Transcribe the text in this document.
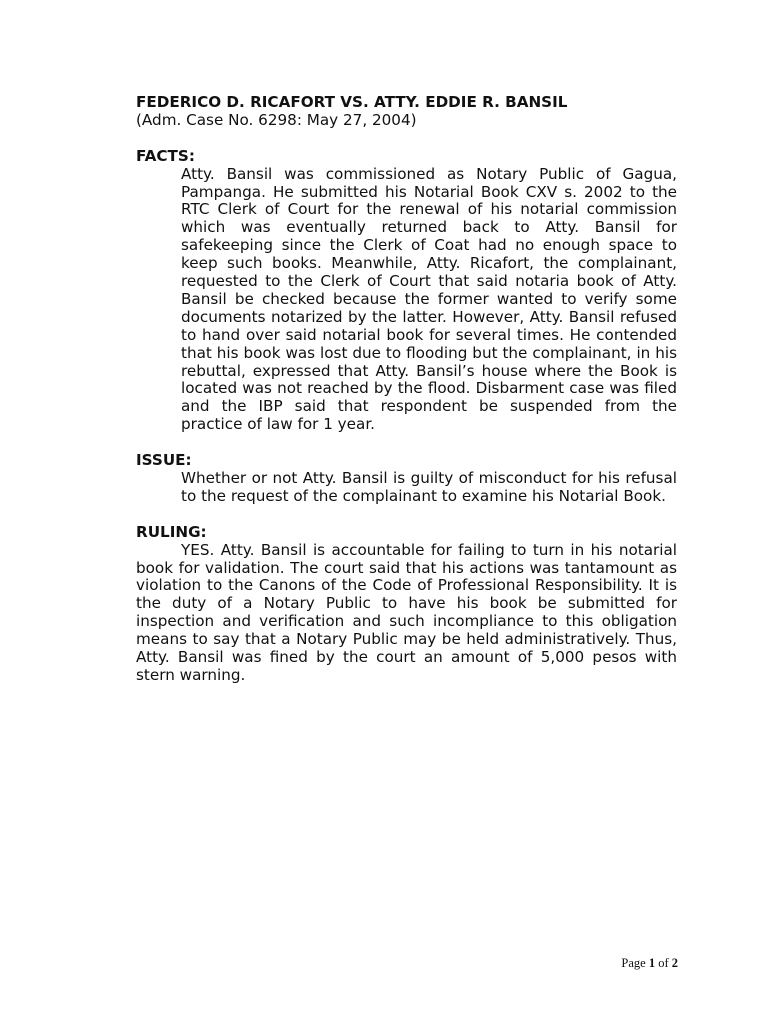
FEDERICO D. RICAFORT VS. ATTY. EDDIE R. BANSIL

(Adm. Case No. 6298: May 27, 2004)

FACTS:

Atty. Bansil was commissioned as Notary Public of Gagua, Pampanga. He submitted his Notarial Book CXV s. 2002 to the RTC Clerk of Court for the renewal of his notarial commission which was eventually returned back to Atty. Bansil for safekeeping since the Clerk of Coat had no enough space to keep such books. Meanwhile, Atty. Ricafort, the complainant, requested to the Clerk of Court that said notaria book of Atty. Bansil be checked because the former wanted to verify some documents notarized by the latter. However, Atty. Bansil refused to hand over said notarial book for several times. He contended that his book was lost due to flooding but the complainant, in his rebuttal, expressed that Atty. Bansil’s house where the Book is located was not reached by the flood. Disbarment case was filed and the IBP said that respondent be suspended from the practice of law for 1 year.

ISSUE:

Whether or not Atty. Bansil is guilty of misconduct for his refusal to the request of the complainant to examine his Notarial Book.

RULING:

YES. Atty. Bansil is accountable for failing to turn in his notarial book for validation. The court said that his actions was tantamount as violation to the Canons of the Code of Professional Responsibility. It is the duty of a Notary Public to have his book be submitted for inspection and verification and such incompliance to this obligation means to say that a Notary Public may be held administratively. Thus, Atty. Bansil was fined by the court an amount of 5,000 pesos with stern warning.

Page 1 of 2
